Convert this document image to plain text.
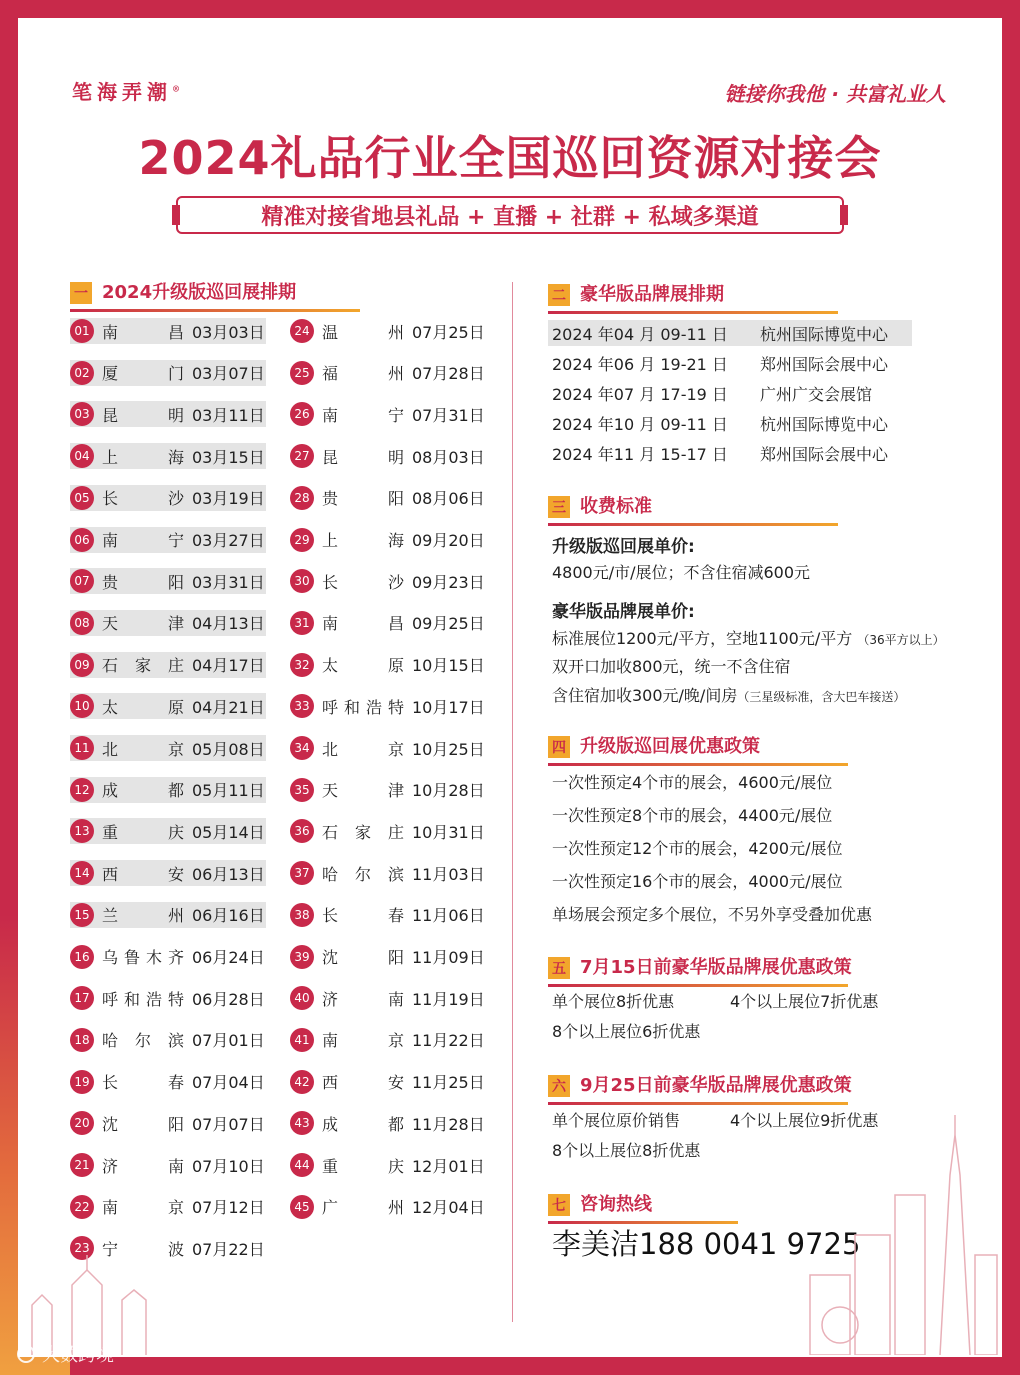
笔海弄潮®	链接你我他 · 共富礼业人
2024礼品行业全国巡回资源对接会
精准对接省地县礼品 + 直播 + 社群 + 私域多渠道
一 2024升级版巡回展排期
01 南昌 03月03日
02 厦门 03月07日
03 昆明 03月11日
04 上海 03月15日
05 长沙 03月19日
06 南宁 03月27日
07 贵阳 03月31日
08 天津 04月13日
09 石家庄 04月17日
10 太原 04月21日
11 北京 05月08日
12 成都 05月11日
13 重庆 05月14日
14 西安 06月13日
15 兰州 06月16日
16 乌鲁木齐 06月24日
17 呼和浩特 06月28日
18 哈尔滨 07月01日
19 长春 07月04日
20 沈阳 07月07日
21 济南 07月10日
22 南京 07月12日
23 宁波 07月22日
24 温州 07月25日
25 福州 07月28日
26 南宁 07月31日
27 昆明 08月03日
28 贵阳 08月06日
29 上海 09月20日
30 长沙 09月23日
31 南昌 09月25日
32 太原 10月15日
33 呼和浩特 10月17日
34 北京 10月25日
35 天津 10月28日
36 石家庄 10月31日
37 哈尔滨 11月03日
38 长春 11月06日
39 沈阳 11月09日
40 济南 11月19日
41 南京 11月22日
42 西安 11月25日
43 成都 11月28日
44 重庆 12月01日
45 广州 12月04日
二 豪华版品牌展排期
2024 年04 月 09-11 日	杭州国际博览中心
2024 年06 月 19-21 日	郑州国际会展中心
2024 年07 月 17-19 日	广州广交会展馆
2024 年10 月 09-11 日	杭州国际博览中心
2024 年11 月 15-17 日	郑州国际会展中心
三 收费标准
升级版巡回展单价:
4800元/市/展位；不含住宿减600元
豪华版品牌展单价:
标准展位1200元/平方，空地1100元/平方 （36平方以上）
双开口加收800元，统一不含住宿
含住宿加收300元/晚/间房（三星级标准，含大巴车接送）
四 升级版巡回展优惠政策
一次性预定4个市的展会，4600元/展位
一次性预定8个市的展会，4400元/展位
一次性预定12个市的展会，4200元/展位
一次性预定16个市的展会，4000元/展位
单场展会预定多个展位，不另外享受叠加优惠
五 7月15日前豪华版品牌展优惠政策
单个展位8折优惠	4个以上展位7折优惠
8个以上展位6折优惠
六 9月25日前豪华版品牌展优惠政策
单个展位原价销售	4个以上展位9折优惠
8个以上展位8折优惠
七 咨询热线
李美洁188 0041 9725
大数跨境
